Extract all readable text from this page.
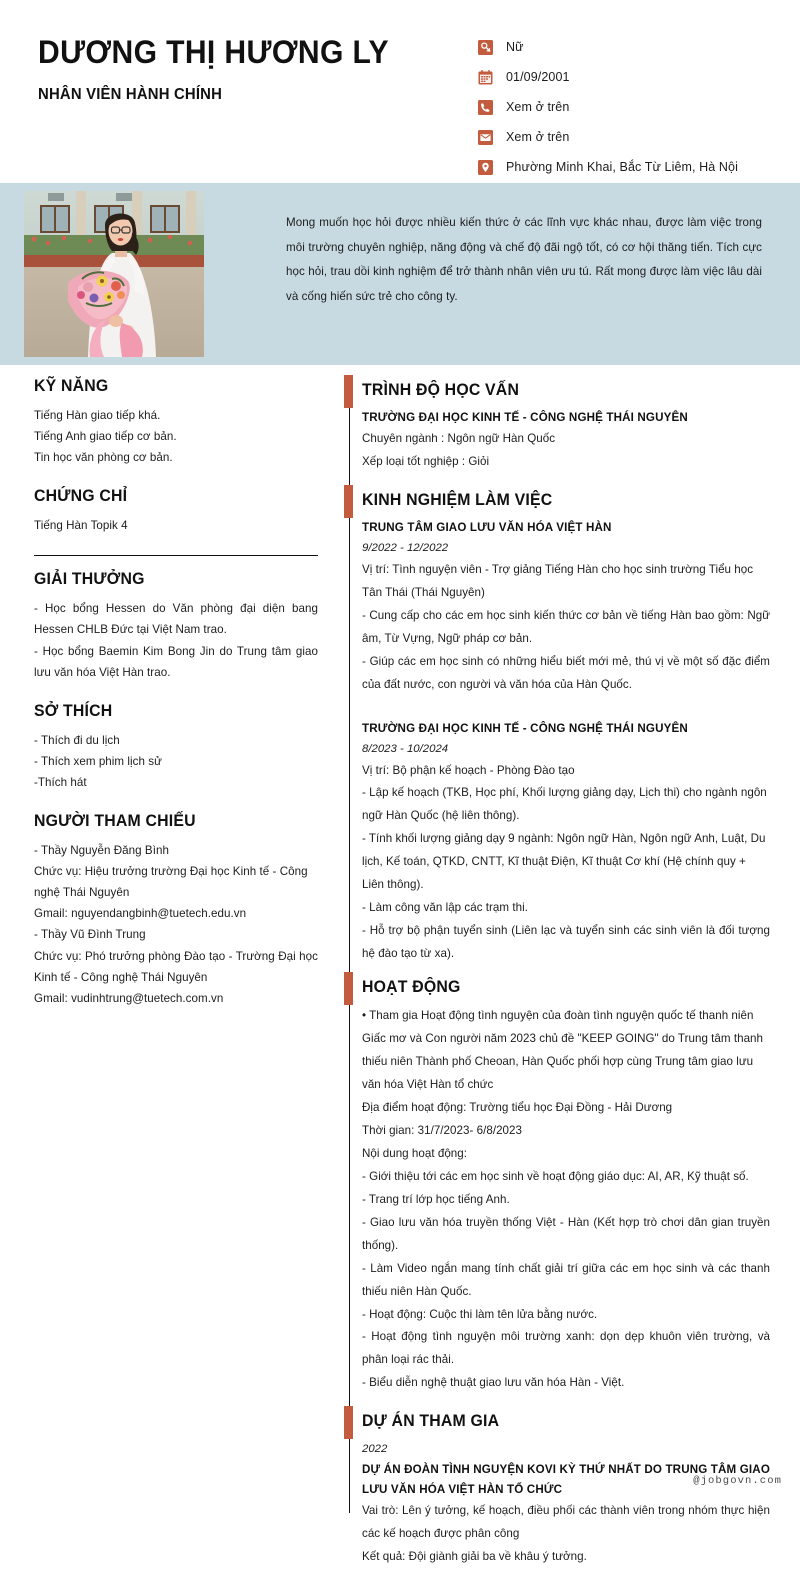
DƯƠNG THỊ HƯƠNG LY
NHÂN VIÊN HÀNH CHÍNH
Nữ
01/09/2001
Xem ở trên
Xem ở trên
Phường Minh Khai, Bắc Từ Liêm, Hà Nội

Mong muốn học hỏi được nhiều kiến thức ở các lĩnh vực khác nhau, được làm việc trong môi trường chuyên nghiệp, năng động và chế độ đãi ngộ tốt, có cơ hội thăng tiến. Tích cực học hỏi, trau dồi kinh nghiệm để trở thành nhân viên ưu tú. Rất mong được làm việc lâu dài và cống hiến sức trẻ cho công ty.

KỸ NĂNG
Tiếng Hàn giao tiếp khá.
Tiếng Anh giao tiếp cơ bản.
Tin học văn phòng cơ bản.
CHỨNG CHỈ
Tiếng Hàn Topik 4
GIẢI THƯỞNG
- Học bổng Hessen do Văn phòng đại diện bang Hessen CHLB Đức tại Việt Nam trao.
- Học bổng Baemin Kim Bong Jin do Trung tâm giao lưu văn hóa Việt Hàn trao.
SỞ THÍCH
- Thích đi du lịch
- Thích xem phim lịch sử
-Thích hát
NGƯỜI THAM CHIẾU
- Thầy Nguyễn Đăng Bình
Chức vụ: Hiệu trưởng trường Đại học Kinh tế - Công nghệ Thái Nguyên
Gmail: nguyendangbinh@tuetech.edu.vn
- Thầy Vũ Đình Trung
Chức vụ: Phó trưởng phòng Đào tạo - Trường Đại học Kinh tế - Công nghệ Thái Nguyên
Gmail: vudinhtrung@tuetech.com.vn
TRÌNH ĐỘ HỌC VẤN
TRƯỜNG ĐẠI HỌC KINH TẾ - CÔNG NGHỆ THÁI NGUYÊN
Chuyên ngành : Ngôn ngữ Hàn Quốc
Xếp loại tốt nghiệp : Giỏi
KINH NGHIỆM LÀM VIỆC
TRUNG TÂM GIAO LƯU VĂN HÓA VIỆT HÀN
9/2022 - 12/2022
Vị trí: Tình nguyện viên - Trợ giảng Tiếng Hàn cho học sinh trường Tiểu học Tân Thái (Thái Nguyên)
- Cung cấp cho các em học sinh kiến thức cơ bản về tiếng Hàn bao gồm: Ngữ âm, Từ Vựng, Ngữ pháp cơ bản.
- Giúp các em học sinh có những hiểu biết mới mẻ, thú vị về một số đặc điểm của đất nước, con người và văn hóa của Hàn Quốc.
TRƯỜNG ĐẠI HỌC KINH TẾ - CÔNG NGHỆ THÁI NGUYÊN
8/2023 - 10/2024
Vị trí: Bộ phận kế hoạch - Phòng Đào tạo
- Lập kế hoạch (TKB, Học phí, Khối lượng giảng dạy, Lịch thi) cho ngành ngôn ngữ Hàn Quốc (hệ liên thông).
- Tính khối lượng giảng dạy 9 ngành: Ngôn ngữ Hàn, Ngôn ngữ Anh, Luật, Du lịch, Kế toán, QTKD, CNTT, Kĩ thuật Điện, Kĩ thuật Cơ khí (Hệ chính quy + Liên thông).
- Làm công văn lập các trạm thi.
- Hỗ trợ bộ phận tuyển sinh (Liên lạc và tuyển sinh các sinh viên là đối tượng hệ đào tạo từ xa).
HOẠT ĐỘNG
• Tham gia Hoạt động tình nguyện của đoàn tình nguyện quốc tế thanh niên Giấc mơ và Con người năm 2023 chủ đề "KEEP GOING" do Trung tâm thanh thiếu niên Thành phố Cheoan, Hàn Quốc phối hợp cùng Trung tâm giao lưu văn hóa Việt Hàn tổ chức
Địa điểm hoạt động: Trường tiểu học Đại Đồng - Hải Dương
Thời gian: 31/7/2023- 6/8/2023
Nội dung hoạt động:
- Giới thiệu tới các em học sinh về hoạt động giáo dục: AI, AR, Kỹ thuật số.
- Trang trí lớp học tiếng Anh.
- Giao lưu văn hóa truyền thống Việt - Hàn (Kết hợp trò chơi dân gian truyền thống).
- Làm Video ngắn mang tính chất giải trí giữa các em học sinh và các thanh thiếu niên Hàn Quốc.
- Hoạt động: Cuộc thi làm tên lửa bằng nước.
- Hoạt động tình nguyện môi trường xanh: dọn dẹp khuôn viên trường, và phân loại rác thải.
- Biểu diễn nghệ thuật giao lưu văn hóa Hàn - Việt.
DỰ ÁN THAM GIA
2022
DỰ ÁN ĐOÀN TÌNH NGUYỆN KOVI KỲ THỨ NHẤT DO TRUNG TÂM GIAO LƯU VĂN HÓA VIỆT HÀN TỔ CHỨC
Vai trò: Lên ý tưởng, kế hoạch, điều phối các thành viên trong nhóm thực hiện các kế hoạch được phân công
Kết quả: Đội giành giải ba về khâu ý tưởng.
@jobgovn.com
